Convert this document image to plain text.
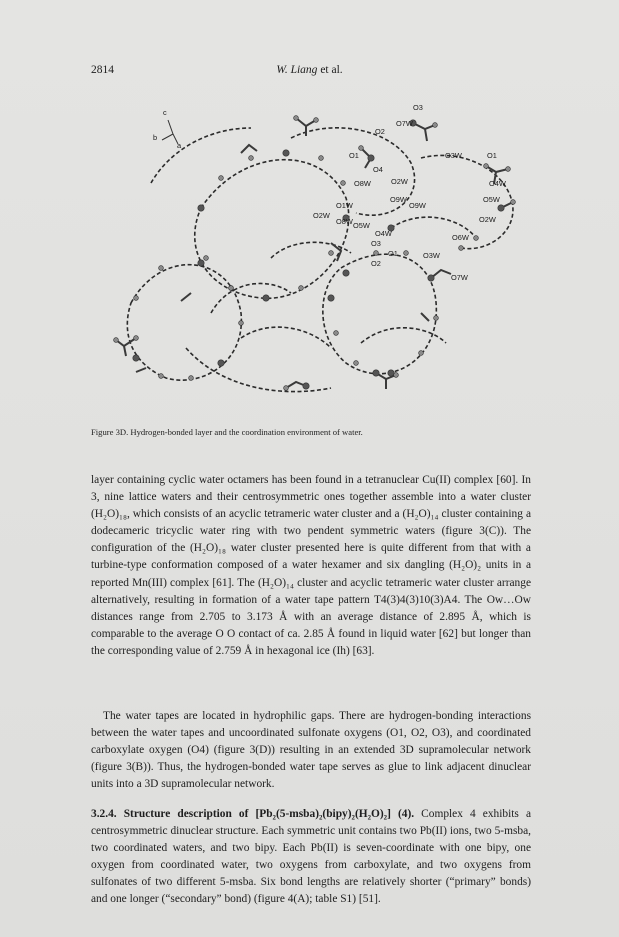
2814	W. Liang et al.
c
b
a
O3
O2
O7W
O1	O3W	O1
O4
O4W
O2W
O8W
O9W	O5W
O1W	O9W
O2W
O2W
O8W O5W
O4W
O3
O6W
O1	O3W
O2
O7W
Figure 3D. Hydrogen-bonded layer and the coordination environment of water.

layer containing cyclic water octamers has been found in a tetranuclear Cu(II) complex [60]. In 3, nine lattice waters and their centrosymmetric ones together assemble into a water cluster (H₂O)₁₈, which consists of an acyclic tetrameric water cluster and a (H₂O)₁₄ cluster containing a dodecameric tricyclic water ring with two pendent symmetric waters (figure 3(C)). The configuration of the (H₂O)₁₈ water cluster presented here is quite different from that with a turbine-type conformation composed of a water hexamer and six dangling (H₂O)₂ units in a reported Mn(III) complex [61]. The (H₂O)₁₄ cluster and acyclic tetrameric water cluster arrange alternatively, resulting in formation of a water tape pattern T4(3)4(3)10(3)A4. The Ow…Ow distances range from 2.705 to 3.173 Å with an average distance of 2.895 Å, which is comparable to the average O O contact of ca. 2.85 Å found in liquid water [62] but longer than the corresponding value of 2.759 Å in hexagonal ice (Ih) [63].

The water tapes are located in hydrophilic gaps. There are hydrogen-bonding interactions between the water tapes and uncoordinated sulfonate oxygens (O1, O2, O3), and coordinated carboxylate oxygen (O4) (figure 3(D)) resulting in an extended 3D supramolecular network (figure 3(B)). Thus, the hydrogen-bonded water tape serves as glue to link adjacent dinuclear units into a 3D supramolecular network.

3.2.4. Structure description of [Pb₂(5-msba)₂(bipy)₂(H₂O)₂] (4). Complex 4 exhibits a centrosymmetric dinuclear structure. Each symmetric unit contains two Pb(II) ions, two 5-msba, two coordinated waters, and two bipy. Each Pb(II) is seven-coordinate with one bipy, one oxygen from coordinated water, two oxygens from carboxylate, and two oxygens from sulfonates of two different 5-msba. Six bond lengths are relatively shorter (“primary” bonds) and one longer (“secondary” bond) (figure 4(A); table S1) [51].
